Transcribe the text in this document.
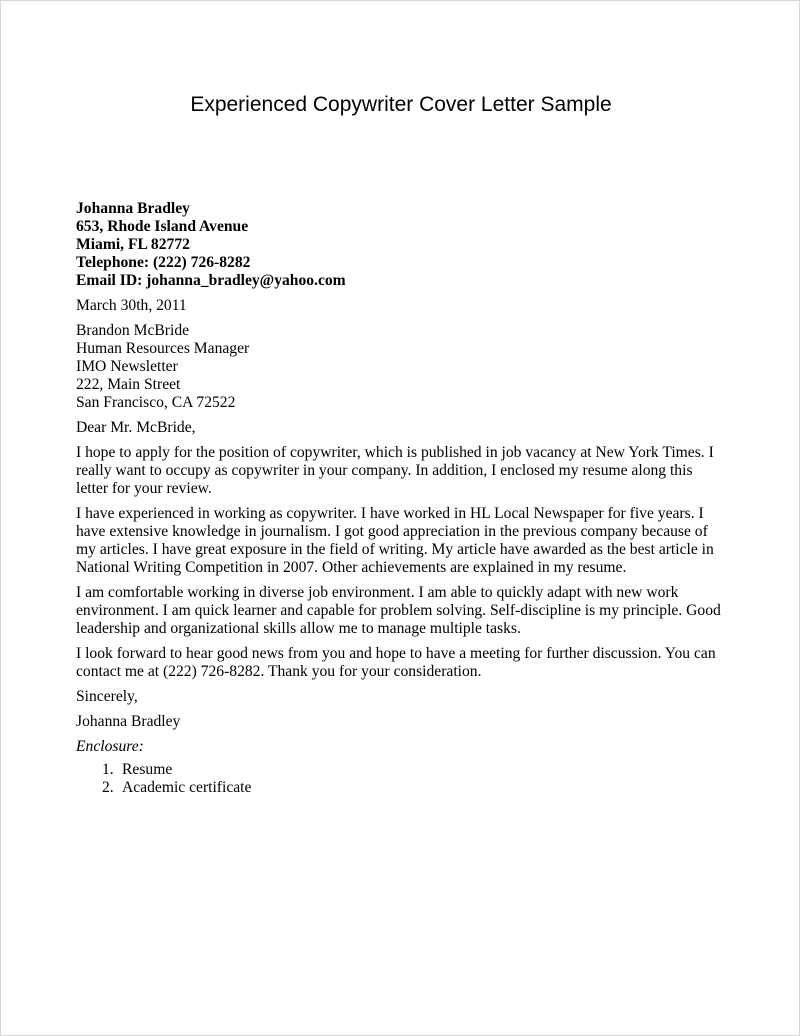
Experienced Copywriter Cover Letter Sample
Johanna Bradley
653, Rhode Island Avenue
Miami, FL 82772
Telephone: (222) 726-8282
Email ID: johanna_bradley@yahoo.com
March 30th, 2011
Brandon McBride
Human Resources Manager
IMO Newsletter
222, Main Street
San Francisco, CA 72522
Dear Mr. McBride,
I hope to apply for the position of copywriter, which is published in job vacancy at New York Times. I
really want to occupy as copywriter in your company. In addition, I enclosed my resume along this
letter for your review.
I have experienced in working as copywriter. I have worked in HL Local Newspaper for five years. I
have extensive knowledge in journalism. I got good appreciation in the previous company because of
my articles. I have great exposure in the field of writing. My article have awarded as the best article in
National Writing Competition in 2007. Other achievements are explained in my resume.
I am comfortable working in diverse job environment. I am able to quickly adapt with new work
environment. I am quick learner and capable for problem solving. Self-discipline is my principle. Good
leadership and organizational skills allow me to manage multiple tasks.
I look forward to hear good news from you and hope to have a meeting for further discussion. You can
contact me at (222) 726-8282. Thank you for your consideration.
Sincerely,
Johanna Bradley
Enclosure:
1. Resume
2. Academic certificate
